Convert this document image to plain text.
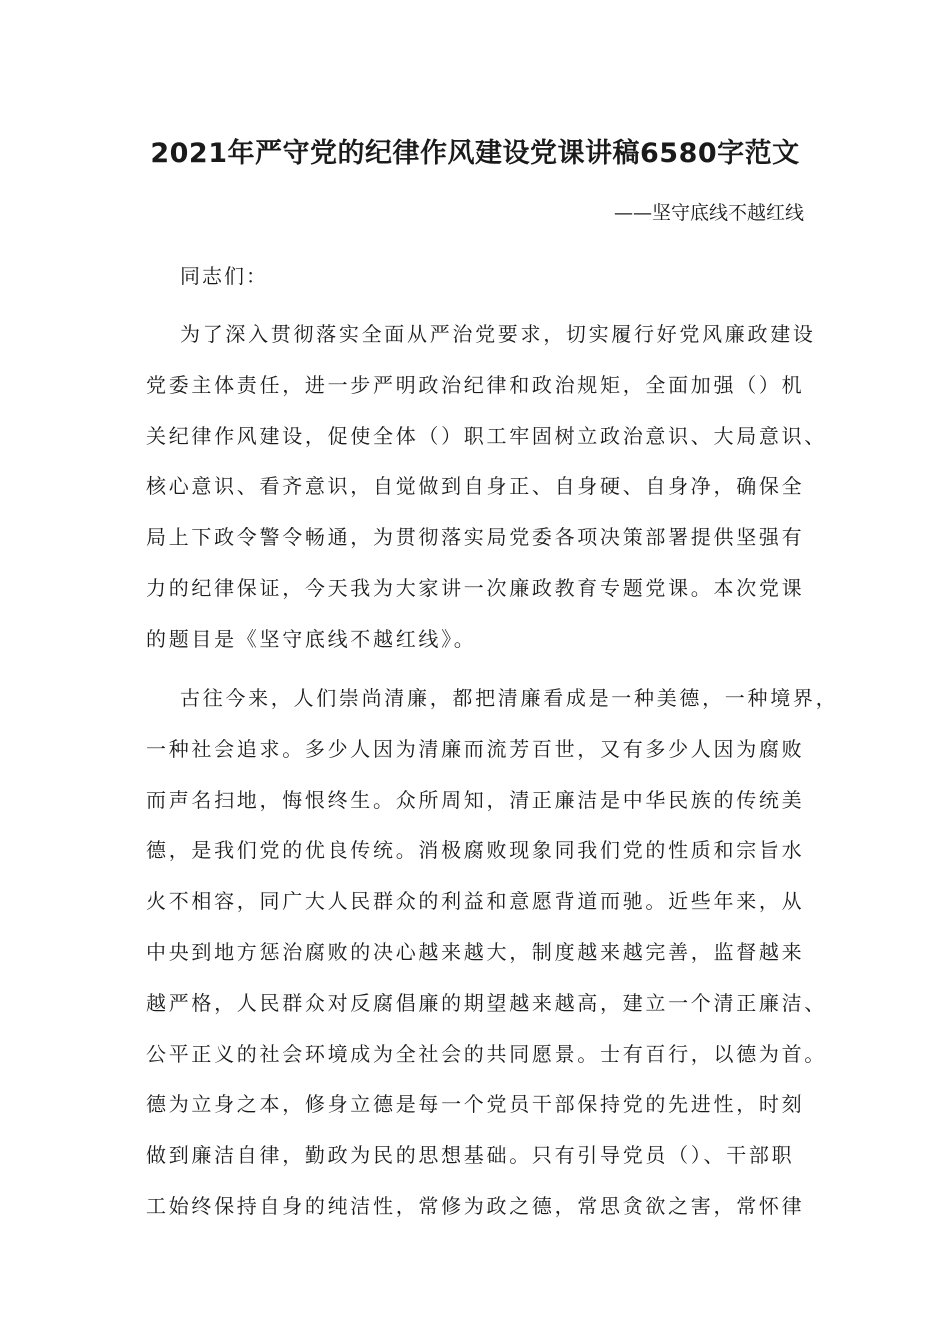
2021年严守党的纪律作风建设党课讲稿6580字范文
——坚守底线不越红线
同志们：
为了深入贯彻落实全面从严治党要求，切实履行好党风廉政建设
党委主体责任，进一步严明政治纪律和政治规矩，全面加强（）机
关纪律作风建设，促使全体（）职工牢固树立政治意识、大局意识、
核心意识、看齐意识，自觉做到自身正、自身硬、自身净，确保全
局上下政令警令畅通，为贯彻落实局党委各项决策部署提供坚强有
力的纪律保证，今天我为大家讲一次廉政教育专题党课。本次党课
的题目是《坚守底线不越红线》。
古往今来，人们崇尚清廉，都把清廉看成是一种美德，一种境界，
一种社会追求。多少人因为清廉而流芳百世，又有多少人因为腐败
而声名扫地，悔恨终生。众所周知，清正廉洁是中华民族的传统美
德，是我们党的优良传统。消极腐败现象同我们党的性质和宗旨水
火不相容，同广大人民群众的利益和意愿背道而驰。近些年来，从
中央到地方惩治腐败的决心越来越大，制度越来越完善，监督越来
越严格，人民群众对反腐倡廉的期望越来越高，建立一个清正廉洁、
公平正义的社会环境成为全社会的共同愿景。士有百行，以德为首。
德为立身之本，修身立德是每一个党员干部保持党的先进性，时刻
做到廉洁自律，勤政为民的思想基础。只有引导党员（）、干部职
工始终保持自身的纯洁性，常修为政之德，常思贪欲之害，常怀律
